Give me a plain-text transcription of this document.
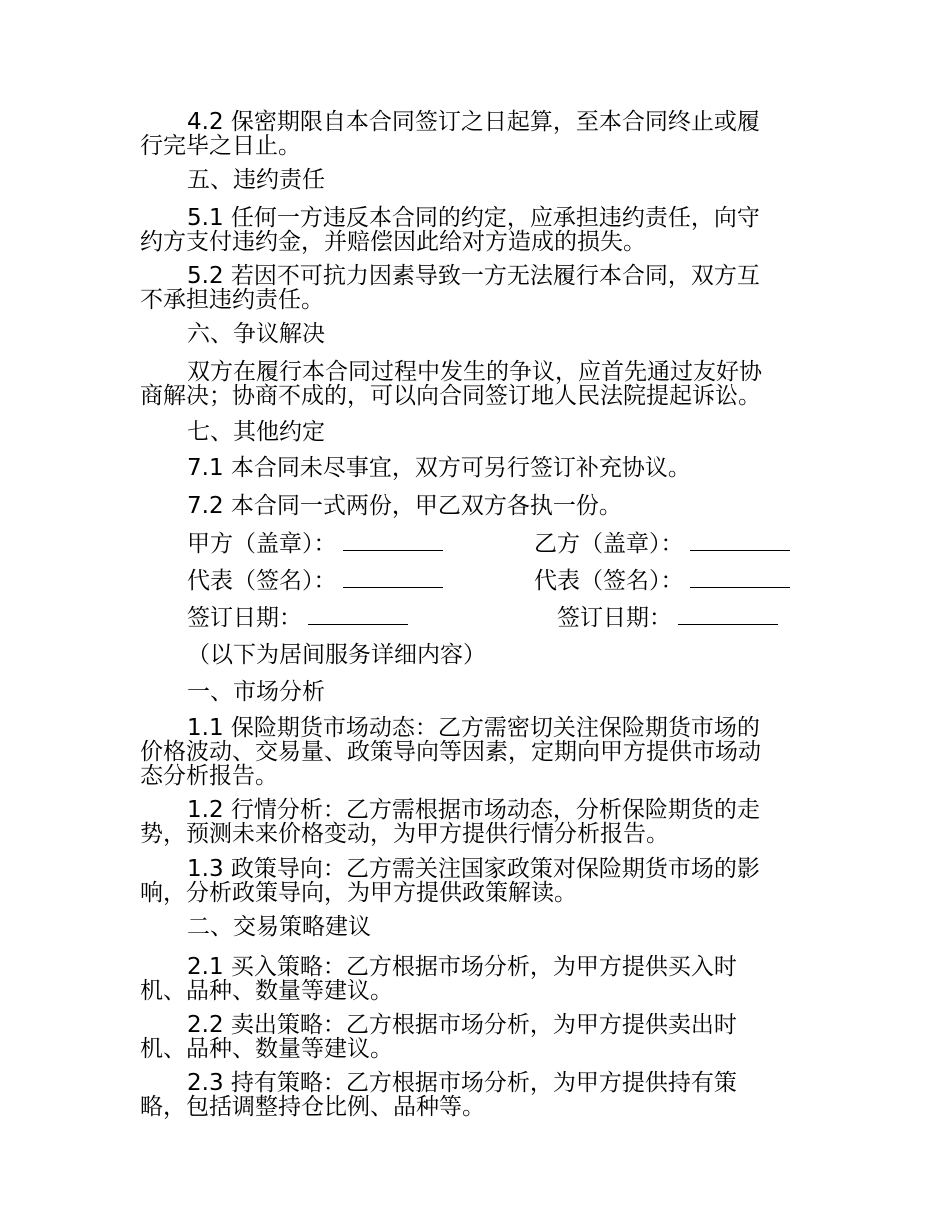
4.2 保密期限自本合同签订之日起算，至本合同终止或履
行完毕之日止。
五、违约责任
5.1 任何一方违反本合同的约定，应承担违约责任，向守
约方支付违约金，并赔偿因此给对方造成的损失。
5.2 若因不可抗力因素导致一方无法履行本合同，双方互
不承担违约责任。
六、争议解决
双方在履行本合同过程中发生的争议，应首先通过友好协
商解决；协商不成的，可以向合同签订地人民法院提起诉讼。
七、其他约定
7.1 本合同未尽事宜，双方可另行签订补充协议。
7.2 本合同一式两份，甲乙双方各执一份。
甲方（盖章）：	乙方（盖章）：
代表（签名）：	代表（签名）：
签订日期：	签订日期：
（以下为居间服务详细内容）
一、市场分析
1.1 保险期货市场动态：乙方需密切关注保险期货市场的
价格波动、交易量、政策导向等因素，定期向甲方提供市场动
态分析报告。
1.2 行情分析：乙方需根据市场动态，分析保险期货的走
势，预测未来价格变动，为甲方提供行情分析报告。
1.3 政策导向：乙方需关注国家政策对保险期货市场的影
响，分析政策导向，为甲方提供政策解读。
二、交易策略建议
2.1 买入策略：乙方根据市场分析，为甲方提供买入时
机、品种、数量等建议。
2.2 卖出策略：乙方根据市场分析，为甲方提供卖出时
机、品种、数量等建议。
2.3 持有策略：乙方根据市场分析，为甲方提供持有策
略，包括调整持仓比例、品种等。
